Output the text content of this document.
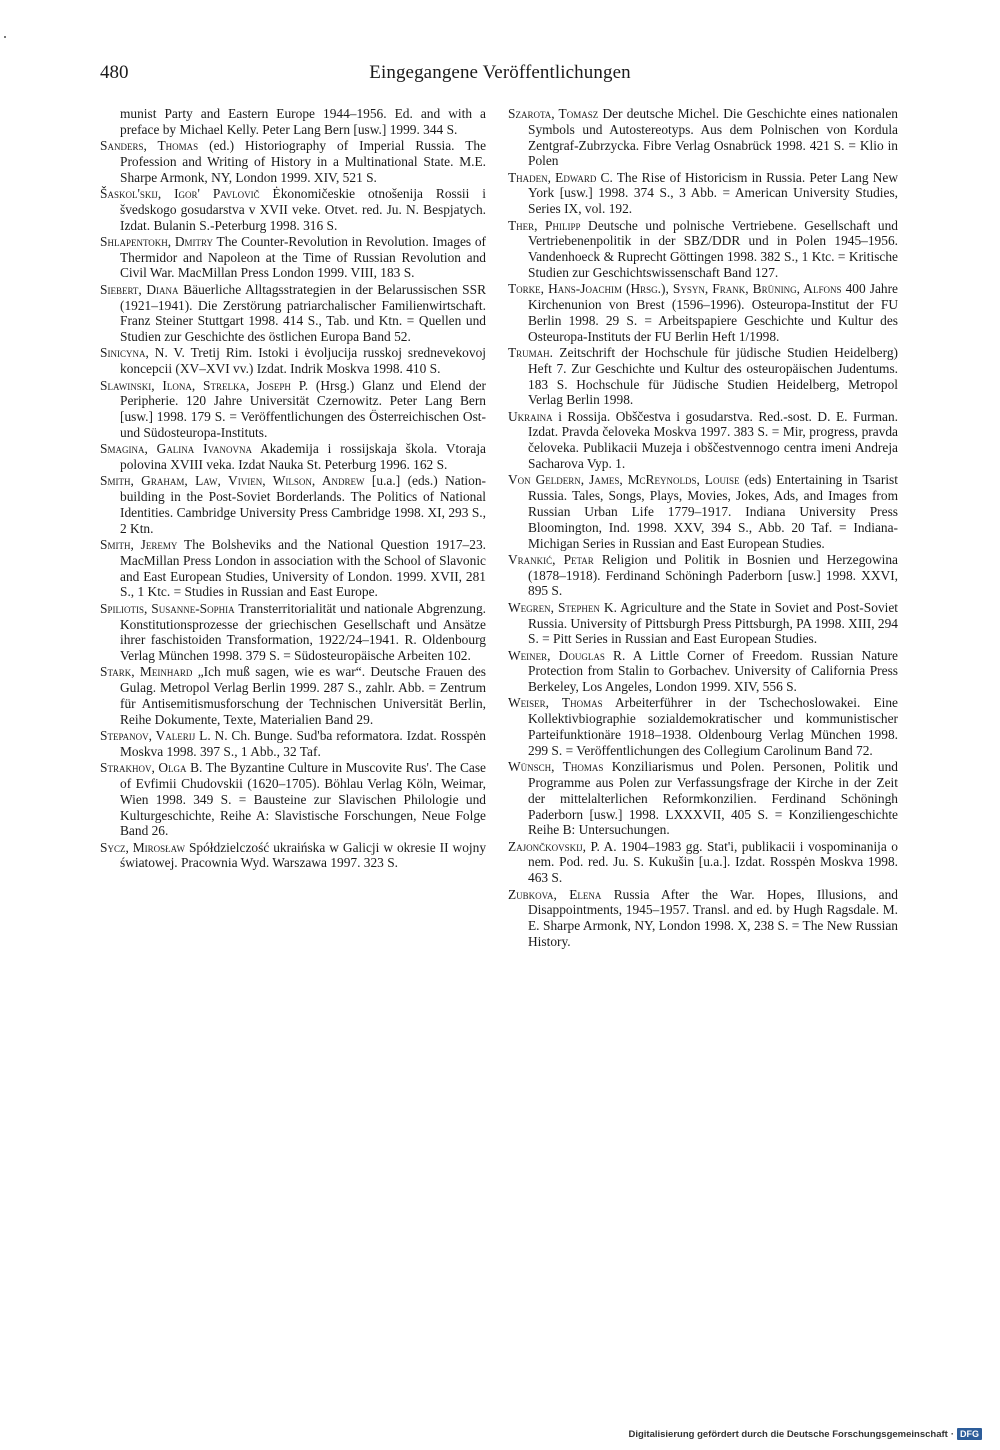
480	Eingegangene Veröffentlichungen

munist Party and Eastern Europe 1944–1956. Ed. and with a preface by Michael Kelly. Peter Lang Bern [usw.] 1999. 344 S.

Sanders, Thomas (ed.) Historiography of Imperial Russia. The Profession and Writing of History in a Multinational State. M.E. Sharpe Armonk, NY, London 1999. XIV, 521 S.

Šaskol'skij, Igor' Pavlovič Ėkonomičeskie otnošenija Rossii i švedskogo gosudarstva v XVII veke. Otvet. red. Ju. N. Bespjatych. Izdat. Bulanin S.-Peterburg 1998. 316 S.

Shlapentokh, Dmitry The Counter-Revolution in Revolution. Images of Thermidor and Napoleon at the Time of Russian Revolution and Civil War. MacMillan Press London 1999. VIII, 183 S.

Siebert, Diana Bäuerliche Alltagsstrategien in der Belarussischen SSR (1921–1941). Die Zerstörung patriarchalischer Familienwirtschaft. Franz Steiner Stuttgart 1998. 414 S., Tab. und Ktn. = Quellen und Studien zur Geschichte des östlichen Europa Band 52.

Sinicyna, N. V. Tretij Rim. Istoki i ėvoljucija russkoj srednevekovoj koncepcii (XV–XVI vv.) Izdat. Indrik Moskva 1998. 410 S.

Slawinski, Ilona, Strelka, Joseph P. (Hrsg.) Glanz und Elend der Peripherie. 120 Jahre Universität Czernowitz. Peter Lang Bern [usw.] 1998. 179 S. = Veröffentlichungen des Österreichischen Ost- und Südosteuropa-Instituts.

Smagina, Galina Ivanovna Akademija i rossijskaja škola. Vtoraja polovina XVIII veka. Izdat Nauka St. Peterburg 1996. 162 S.

Smith, Graham, Law, Vivien, Wilson, Andrew [u.a.] (eds.) Nation-building in the Post-Soviet Borderlands. The Politics of National Identities. Cambridge University Press Cambridge 1998. XI, 293 S., 2 Ktn.

Smith, Jeremy The Bolsheviks and the National Question 1917–23. MacMillan Press London in association with the School of Slavonic and East European Studies, University of London. 1999. XVII, 281 S., 1 Ktc. = Studies in Russian and East Europe.

Spiliotis, Susanne-Sophia Transterritorialität und nationale Abgrenzung. Konstitutionsprozesse der griechischen Gesellschaft und Ansätze ihrer faschistoiden Transformation, 1922/24–1941. R. Oldenbourg Verlag München 1998. 379 S. = Südosteuropäische Arbeiten 102.

Stark, Meinhard „Ich muß sagen, wie es war“. Deutsche Frauen des Gulag. Metropol Verlag Berlin 1999. 287 S., zahlr. Abb. = Zentrum für Antisemitismusforschung der Technischen Universität Berlin, Reihe Dokumente, Texte, Materialien Band 29.

Stepanov, Valerij L. N. Ch. Bunge. Sud'ba reformatora. Izdat. Rosspėn Moskva 1998. 397 S., 1 Abb., 32 Taf.

Strakhov, Olga B. The Byzantine Culture in Muscovite Rus'. The Case of Evfimii Chudovskii (1620–1705). Böhlau Verlag Köln, Weimar, Wien 1998. 349 S. = Bausteine zur Slavischen Philologie und Kulturgeschichte, Reihe A: Slavistische Forschungen, Neue Folge Band 26.

Sycz, Mirosław Spółdzielczość ukraińska w Galicji w okresie II wojny światowej. Pracownia Wyd. Warszawa 1997. 323 S.

Szarota, Tomasz Der deutsche Michel. Die Geschichte eines nationalen Symbols und Autostereotyps. Aus dem Polnischen von Kordula Zentgraf-Zubrzycka. Fibre Verlag Osnabrück 1998. 421 S. = Klio in Polen

Thaden, Edward C. The Rise of Historicism in Russia. Peter Lang New York [usw.] 1998. 374 S., 3 Abb. = American University Studies, Series IX, vol. 192.

Ther, Philipp Deutsche und polnische Vertriebene. Gesellschaft und Vertriebenenpolitik in der SBZ/DDR und in Polen 1945–1956. Vandenhoeck & Ruprecht Göttingen 1998. 382 S., 1 Ktc. = Kritische Studien zur Geschichtswissenschaft Band 127.

Torke, Hans-Joachim (Hrsg.), Sysyn, Frank, Brüning, Alfons 400 Jahre Kirchenunion von Brest (1596–1996). Osteuropa-Institut der FU Berlin 1998. 29 S. = Arbeitspapiere Geschichte und Kultur des Osteuropa-Instituts der FU Berlin Heft 1/1998.

Trumah. Zeitschrift der Hochschule für jüdische Studien Heidelberg) Heft 7. Zur Geschichte und Kultur des osteuropäischen Judentums. 183 S. Hochschule für Jüdische Studien Heidelberg, Metropol Verlag Berlin 1998.

Ukraina i Rossija. Obščestva i gosudarstva. Red.-sost. D. E. Furman. Izdat. Pravda čeloveka Moskva 1997. 383 S. = Mir, progress, pravda čeloveka. Publikacii Muzeja i obščestvennogo centra imeni Andreja Sacharova Vyp. 1.

Von Geldern, James, McReynolds, Louise (eds) Entertaining in Tsarist Russia. Tales, Songs, Plays, Movies, Jokes, Ads, and Images from Russian Urban Life 1779–1917. Indiana University Press Bloomington, Ind. 1998. XXV, 394 S., Abb. 20 Taf. = Indiana-Michigan Series in Russian and East European Studies.

Vrankić, Petar Religion und Politik in Bosnien und Herzegowina (1878–1918). Ferdinand Schöningh Paderborn [usw.] 1998. XXVI, 895 S.

Wegren, Stephen K. Agriculture and the State in Soviet and Post-Soviet Russia. University of Pittsburgh Press Pittsburgh, PA 1998. XIII, 294 S. = Pitt Series in Russian and East European Studies.

Weiner, Douglas R. A Little Corner of Freedom. Russian Nature Protection from Stalin to Gorbachev. University of California Press Berkeley, Los Angeles, London 1999. XIV, 556 S.

Weiser, Thomas Arbeiterführer in der Tschechoslowakei. Eine Kollektivbiographie sozialdemokratischer und kommunistischer Parteifunktionäre 1918–1938. Oldenbourg Verlag München 1998. 299 S. = Veröffentlichungen des Collegium Carolinum Band 72.

Wünsch, Thomas Konziliarismus und Polen. Personen, Politik und Programme aus Polen zur Verfassungsfrage der Kirche in der Zeit der mittelalterlichen Reformkonzilien. Ferdinand Schöningh Paderborn [usw.] 1998. LXXXVII, 405 S. = Konziliengeschichte Reihe B: Untersuchungen.

Zajončkovskij, P. A. 1904–1983 gg. Stat'i, publikacii i vospominanija o nem. Pod. red. Ju. S. Kukušin [u.a.]. Izdat. Rosspėn Moskva 1998. 463 S.

Zubkova, Elena Russia After the War. Hopes, Illusions, and Disappointments, 1945–1957. Transl. and ed. by Hugh Ragsdale. M. E. Sharpe Armonk, NY, London 1998. X, 238 S. = The New Russian History.

Digitalisierung gefördert durch die Deutsche Forschungsgemeinschaft · DFG
